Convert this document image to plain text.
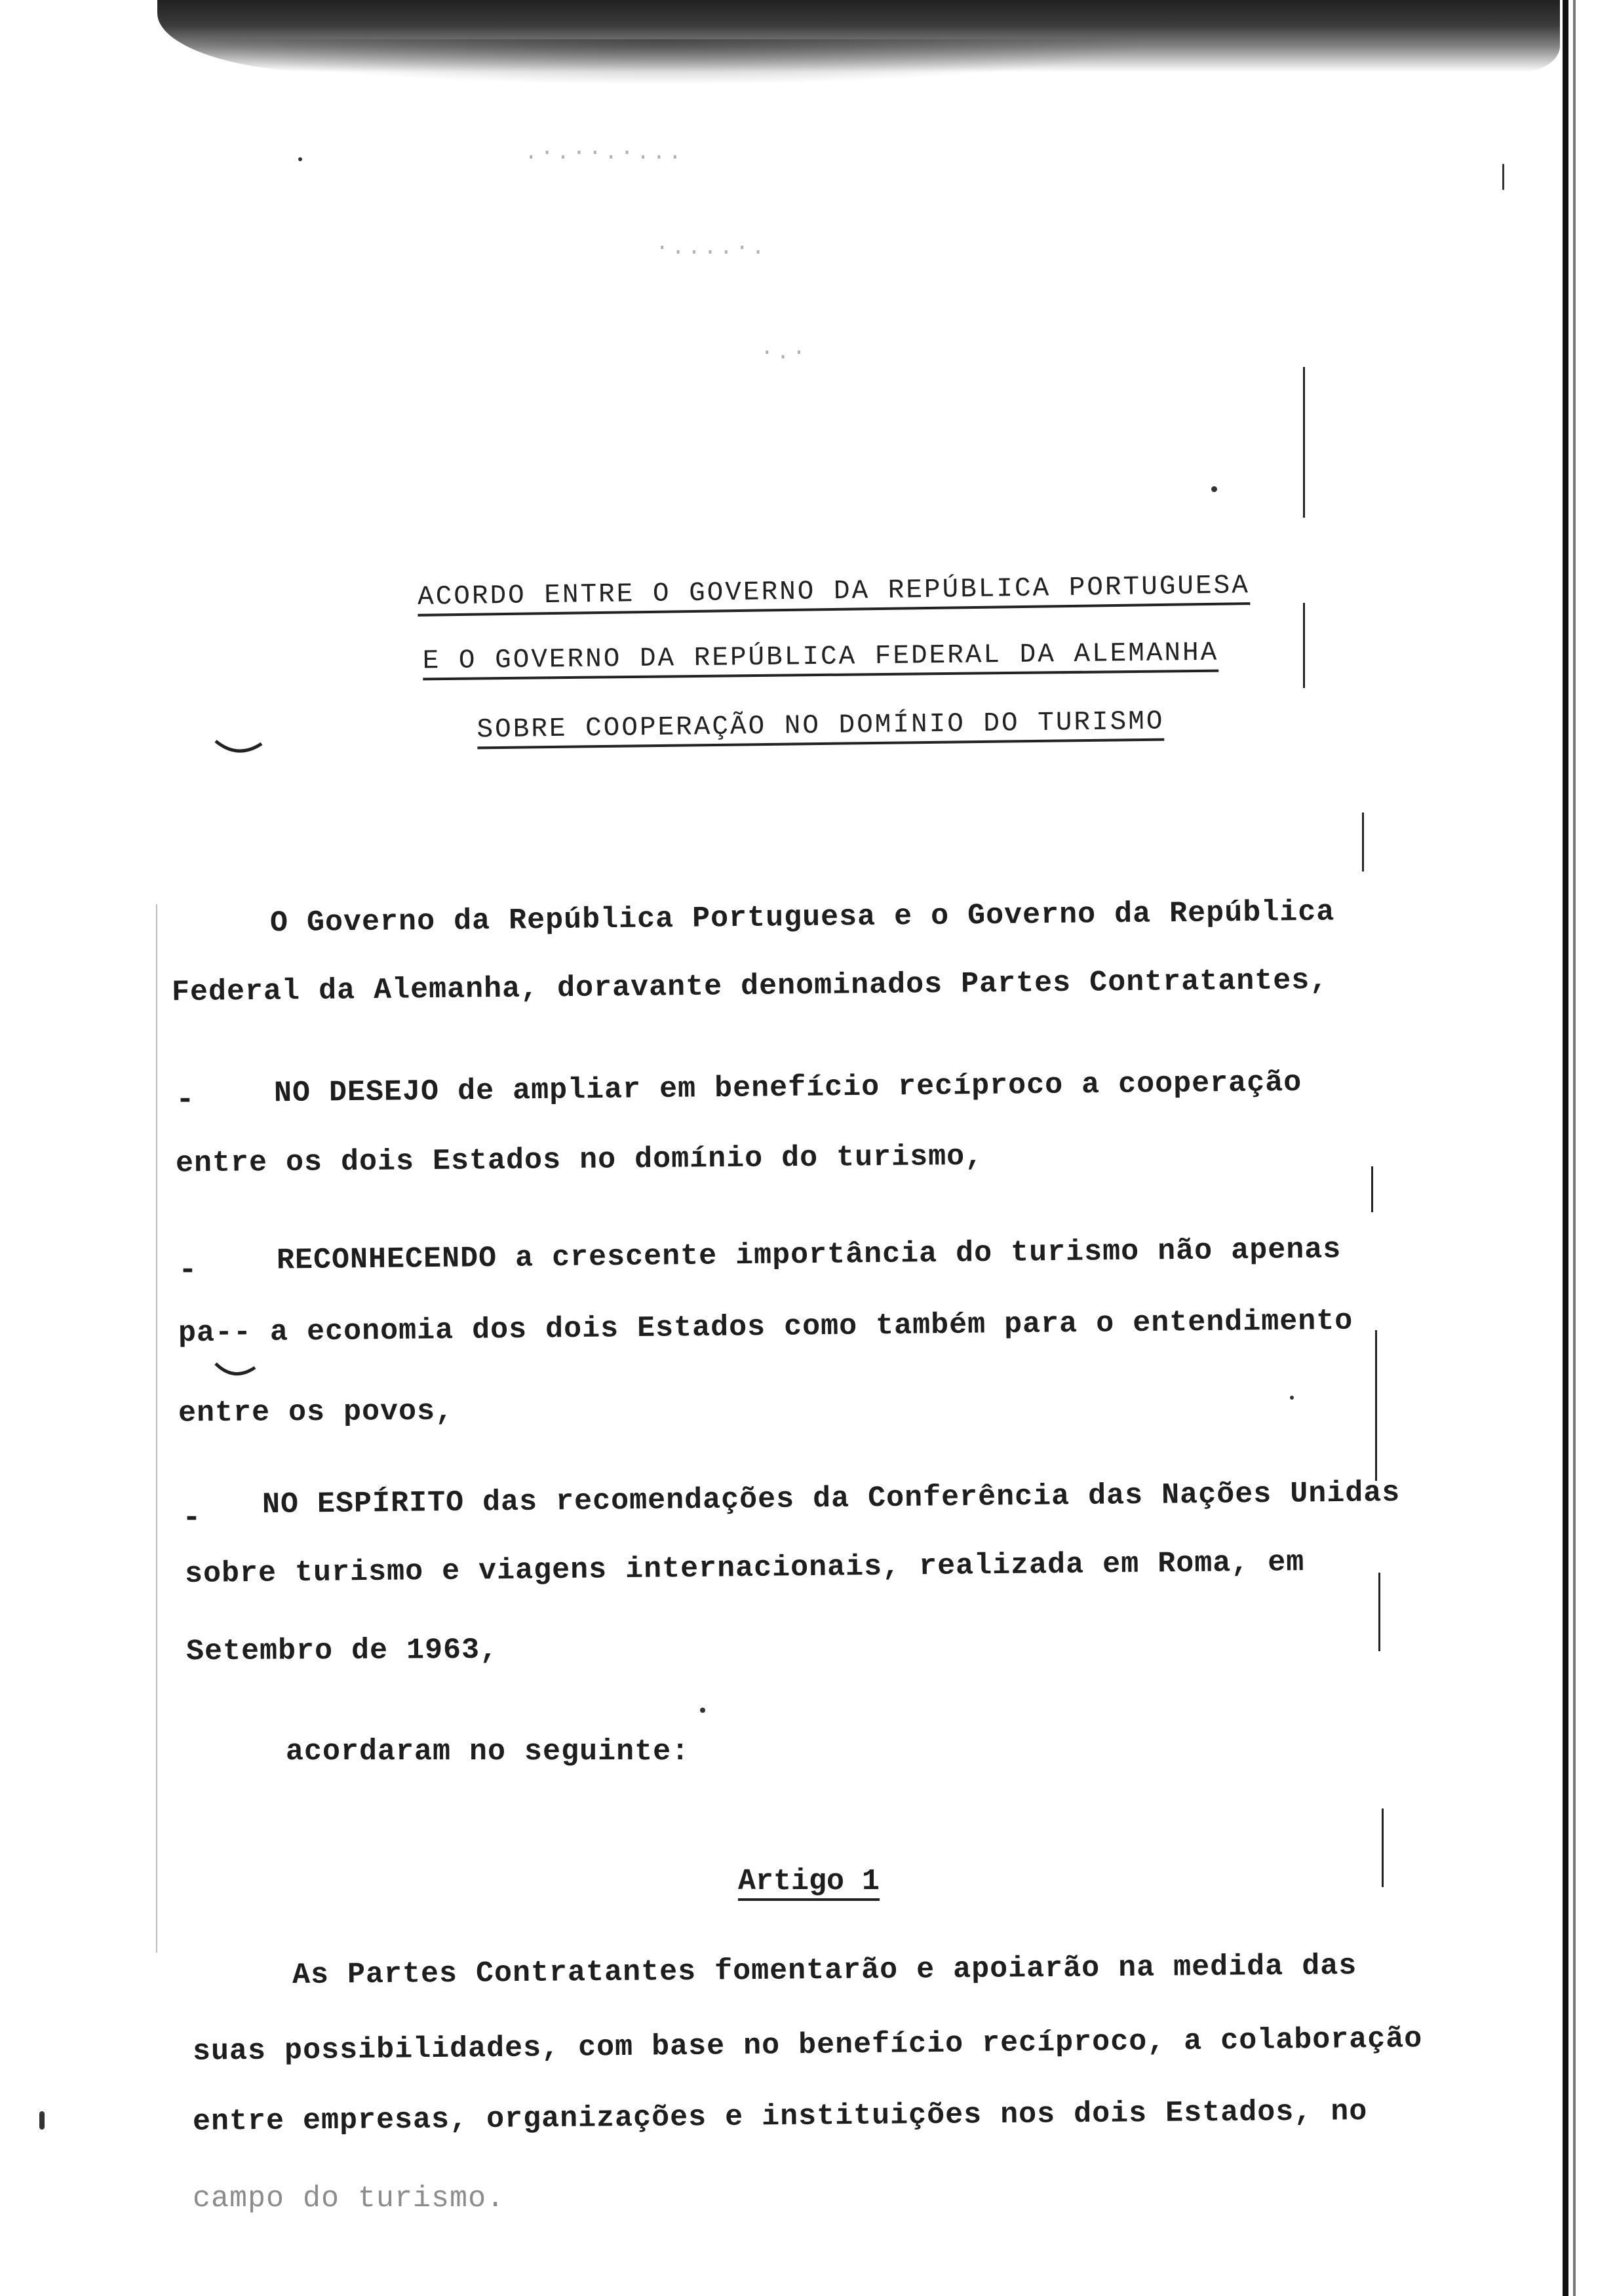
.·.··.·...
·....·.
·.·
ACORDO ENTRE O GOVERNO DA REPÚBLICA PORTUGUESA
E O GOVERNO DA REPÚBLICA FEDERAL DA ALEMANHA
SOBRE COOPERAÇÃO NO DOMÍNIO DO TURISMO
O Governo da República Portuguesa e o Governo da República
Federal da Alemanha, doravante denominados Partes Contratantes,
-	NO DESEJO de ampliar em benefício recíproco a cooperação
entre os dois Estados no domínio do turismo,
-	RECONHECENDO a crescente importância do turismo não apenas
pa-- a economia dos dois Estados como também para o entendimento
entre os povos,
- NO ESPÍRITO das recomendações da Conferência das Nações Unidas
sobre turismo e viagens internacionais, realizada em Roma, em
Setembro de 1963,
acordaram no seguinte:
Artigo 1
As Partes Contratantes fomentarão e apoiarão na medida das
suas possibilidades, com base no benefício recíproco, a colaboração
entre empresas, organizações e instituições nos dois Estados, no
campo do turismo.
